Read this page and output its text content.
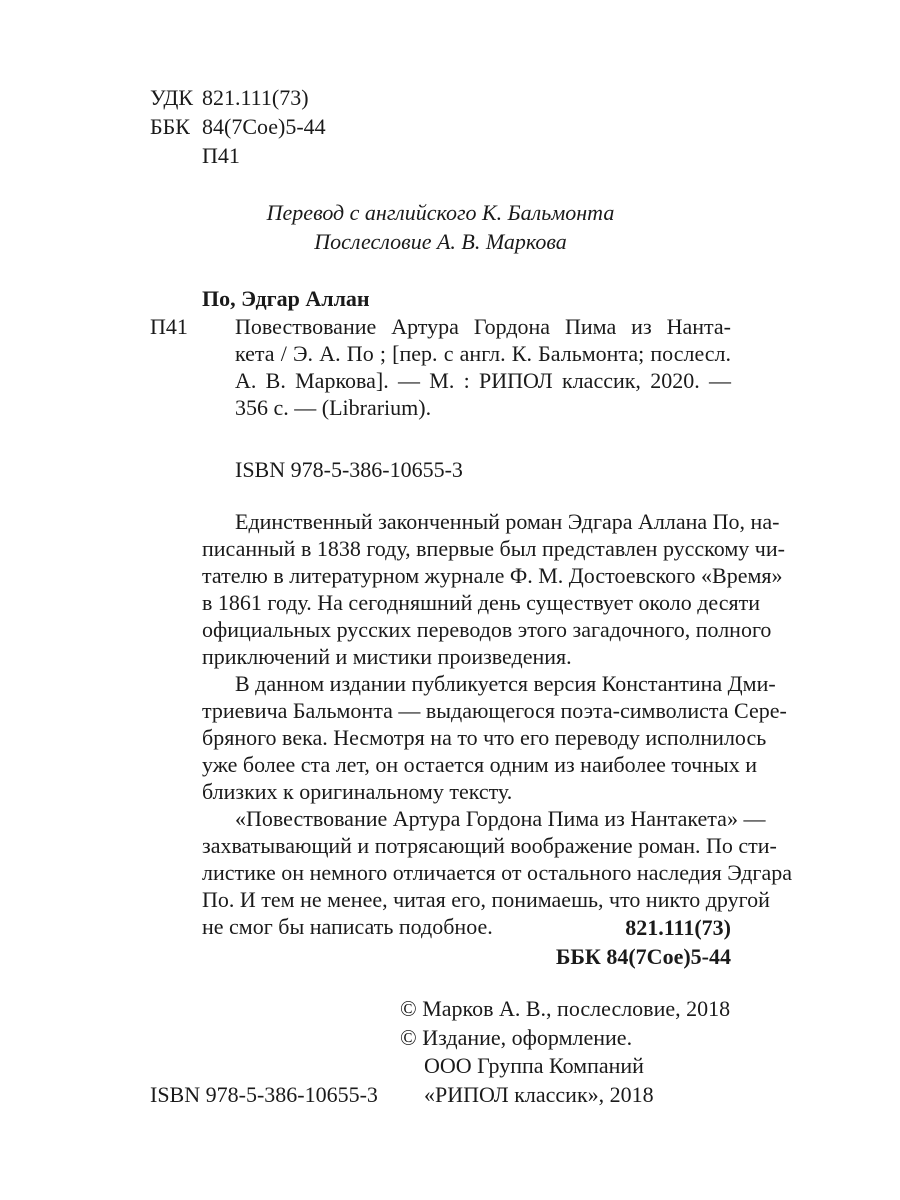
УДК 821.111(73)
ББК 84(7Сое)5-44
П41
Перевод с английского К. Бальмонта
Послесловие А. В. Маркова
По, Эдгар Аллан
П41 Повествование Артура Гордона Пима из Нанта-
кета / Э. А. По ; [пер. с англ. К. Бальмонта; послесл.
А. В. Маркова]. — М. : РИПОЛ классик, 2020. —
356 с. — (Librarium).
ISBN 978-5-386-10655-3
Единственный законченный роман Эдгара Аллана По, на-
писанный в 1838 году, впервые был представлен русскому чи-
тателю в литературном журнале Ф. М. Достоевского «Время»
в 1861 году. На сегодняшний день существует около десяти
официальных русских переводов этого загадочного, полного
приключений и мистики произведения.
В данном издании публикуется версия Константина Дми-
триевича Бальмонта — выдающегося поэта-символиста Сере-
бряного века. Несмотря на то что его переводу исполнилось
уже более ста лет, он остается одним из наиболее точных и
близких к оригинальному тексту.
«Повествование Артура Гордона Пима из Нантакета» —
захватывающий и потрясающий воображение роман. По сти-
листике он немного отличается от остального наследия Эдгара
По. И тем не менее, читая его, понимаешь, что никто другой
не смог бы написать подобное.	821.111(73)
ББК 84(7Сое)5-44
© Марков А. В., послесловие, 2018
© Издание, оформление.
ООО Группа Компаний
«РИПОЛ классик», 2018
ISBN 978-5-386-10655-3
